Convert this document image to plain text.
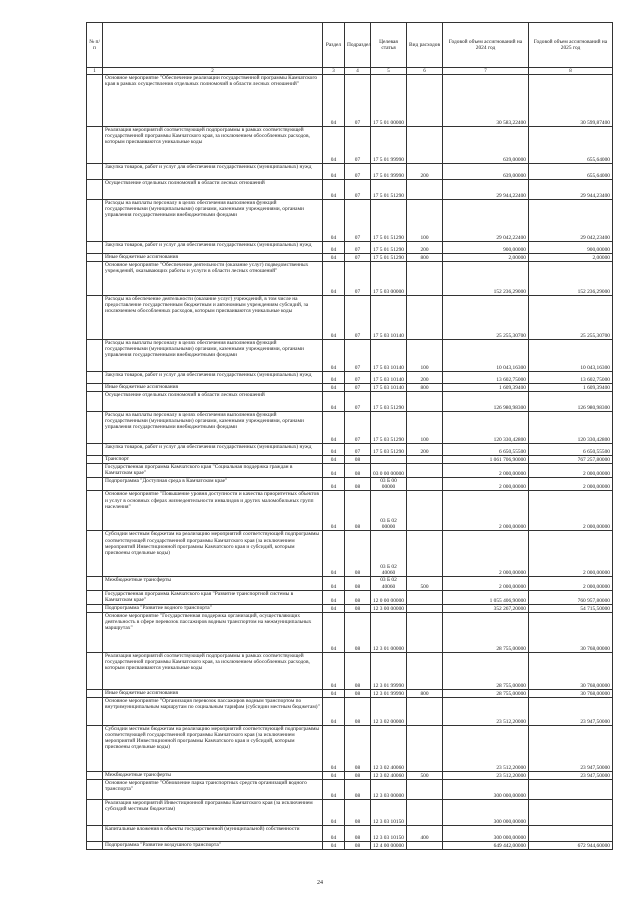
№ п/п		Раздел	Подраздел	Целевая статья	Вид расходов	Годовой объем ассигнований на 2024 год	Годовой объем ассигнований на 2025 год
1	2	3	4	5	6	7	8
	Основное мероприятие "Обеспечение реализации государственной программы Камчатского края в рамках осуществления отдельных полномочий в области лесных отношений"	04	07	17 5 01 00000		30 583,22400	30 599,87400
	Реализация мероприятий соответствующей подпрограммы в рамках соответствующей государственной программы Камчатского края, за исключением обособленных расходов, которым присваиваются уникальные коды	04	07	17 5 01 99990		639,00000	655,64000
	Закупка товаров, работ и услуг для обеспечения государственных (муниципальных) нужд	04	07	17 5 01 99990	200	639,00000	655,64000
	Осуществление отдельных полномочий в области лесных отношений	04	07	17 5 01 51290		29 944,22400	29 944,23400
	Расходы на выплаты персоналу в целях обеспечения выполнения функций государственными (муниципальными) органами, казенными учреждениями, органами управления государственными внебюджетными фондами	04	07	17 5 01 51290	100	29 042,22400	29 042,23400
	Закупка товаров, работ и услуг для обеспечения государственных (муниципальных) нужд	04	07	17 5 01 51290	200	900,00000	900,00000
	Иные бюджетные ассигнования	04	07	17 5 01 51290	800	2,00000	2,00000
	Основное мероприятие "Обеспечение деятельности (оказание услуг) подведомственных учреждений, оказывающих работы и услуги в области лесных отношений"	04	07	17 5 03 00000		152 236,29000	152 236,29000
	Расходы на обеспечение деятельности (оказание услуг) учреждений, в том числе на предоставление государственным бюджетным и автономным учреждениям субсидий, за исключением обособленных расходов, которым присваиваются уникальные коды	04	07	17 5 03 10140		25 255,30700	25 255,30700
	Расходы на выплаты персоналу в целях обеспечения выполнения функций государственными (муниципальными) органами, казенными учреждениями, органами управления государственными внебюджетными фондами	04	07	17 5 03 10140	100	10 043,16300	10 043,16300
	Закупка товаров, работ и услуг для обеспечения государственных (муниципальных) нужд	04	07	17 5 03 10140	200	13 602,75000	13 602,75000
	Иные бюджетные ассигнования	04	07	17 5 03 10140	800	1 609,39400	1 609,39400
	Осуществление отдельных полномочий в области лесных отношений	04	07	17 5 03 51290		126 980,98300	126 980,98300
	Расходы на выплаты персоналу в целях обеспечения выполнения функций государственными (муниципальными) органами, казенными учреждениями, органами управления государственными внебюджетными фондами	04	07	17 5 03 51290	100	120 330,42800	120 330,42800
	Закупка товаров, работ и услуг для обеспечения государственных (муниципальных) нужд	04	07	17 5 03 51290	200	6 650,55500	6 650,55500
	Транспорт	04	08			1 061 706,90000	767 257,80000
	Государственная программа Камчатского края "Социальная поддержка граждан в Камчатском крае"	04	08	03 0 00 00000		2 000,00000	2 000,00000
	Подпрограмма "Доступная среда в Камчатском крае"	04	08	03 Б 00 00000		2 000,00000	2 000,00000
	Основное мероприятие "Повышение уровня доступности и качества приоритетных объектов и услуг в основных сферах жизнедеятельности инвалидов и других маломобильных групп населения"	04	08	03 Б 02 00000		2 000,00000	2 000,00000
	Субсидии местным бюджетам на реализацию мероприятий соответствующей подпрограммы соответствующей государственной программы Камчатского края (за исключением мероприятий Инвестиционной программы Камчатского края и субсидий, которым присвоены отдельные коды)	04	08	03 Б 02 40060		2 000,00000	2 000,00000
	Межбюджетные трансферты	04	08	03 Б 02 40060	500	2 000,00000	2 000,00000
	Государственная программа Камчатского края "Развитие транспортной системы в Камчатском крае"	04	08	12 0 00 00000		1 055 406,90000	760 957,80000
	Подпрограмма "Развитие водного транспорта"	04	08	12 3 00 00000		352 267,20000	54 715,50000
	Основное мероприятие "Государственная поддержка организаций, осуществляющих деятельность в сфере перевозок пассажиров водным транспортом на межмуниципальных маршрутах"	04	08	12 3 01 00000		28 755,00000	30 768,00000
	Реализация мероприятий соответствующей подпрограммы в рамках соответствующей государственной программы Камчатского края, за исключением обособленных расходов, которым присваиваются уникальные коды	04	08	12 3 01 99990		28 755,00000	30 768,00000
	Иные бюджетные ассигнования	04	08	12 3 01 99990	800	28 755,00000	30 768,00000
	Основное мероприятие "Организация перевозок пассажиров водным транспортом по внутримуниципальным маршрутам по социальным тарифам (субсидии местным бюджетам)"	04	08	12 3 02 00000		23 512,20000	23 947,50000
	Субсидии местным бюджетам на реализацию мероприятий соответствующей подпрограммы соответствующей государственной программы Камчатского края (за исключением мероприятий Инвестиционной программы Камчатского края и субсидий, которым присвоены отдельные коды)	04	08	12 3 02 40060		23 512,20000	23 947,50000
	Межбюджетные трансферты	04	08	12 3 02 40060	500	23 512,20000	23 947,50000
	Основное мероприятие "Обновление парка транспортных средств организаций водного транспорта"	04	08	12 3 03 00000		300 000,00000	
	Реализация мероприятий Инвестиционной программы Камчатского края (за исключением субсидий местным бюджетам)	04	08	12 3 03 10150		300 000,00000	
	Капитальные вложения в объекты государственной (муниципальной) собственности	04	08	12 3 03 10150	400	300 000,00000	
	Подпрограмма "Развитие воздушного транспорта"	04	08	12 4 00 00000		649 442,00000	672 944,60000
24
